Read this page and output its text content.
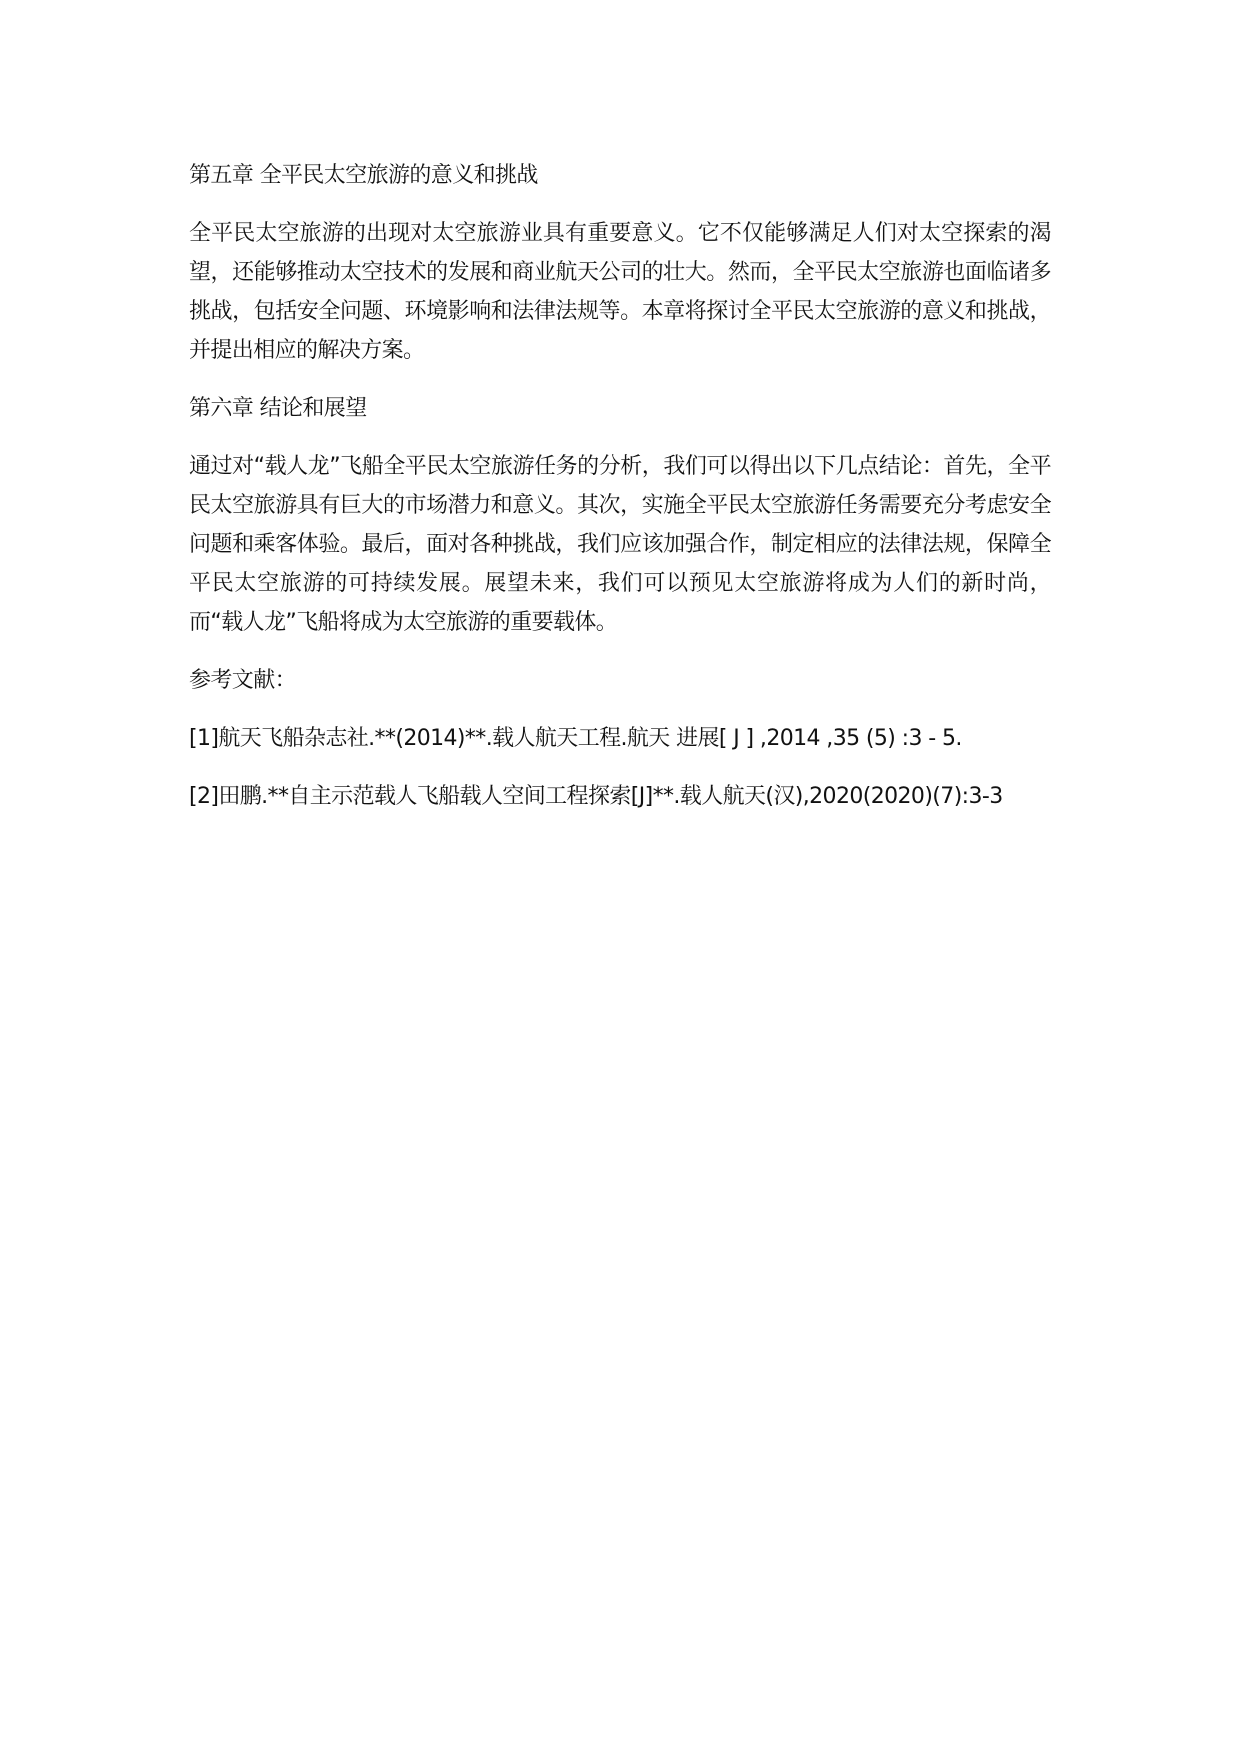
第五章 全平民太空旅游的意义和挑战
全平民太空旅游的出现对太空旅游业具有重要意义。它不仅能够满足人们对太空探索的渴望，还能够推动太空技术的发展和商业航天公司的壮大。然而，全平民太空旅游也面临诸多挑战，包括安全问题、环境影响和法律法规等。本章将探讨全平民太空旅游的意义和挑战，并提出相应的解决方案。
第六章 结论和展望
通过对“载人龙”飞船全平民太空旅游任务的分析，我们可以得出以下几点结论：首先，全平民太空旅游具有巨大的市场潜力和意义。其次，实施全平民太空旅游任务需要充分考虑安全问题和乘客体验。最后，面对各种挑战，我们应该加强合作，制定相应的法律法规，保障全平民太空旅游的可持续发展。展望未来，我们可以预见太空旅游将成为人们的新时尚，而“载人龙”飞船将成为太空旅游的重要载体。
参考文献：
[1]航天飞船杂志社.**(2014)**.载人航天工程.航天 进展[ J ] ,2014 ,35 (5) :3 - 5.
[2]田鹏.**自主示范载人飞船载人空间工程探索[J]**.载人航天(汉),2020(2020)(7):3-3
